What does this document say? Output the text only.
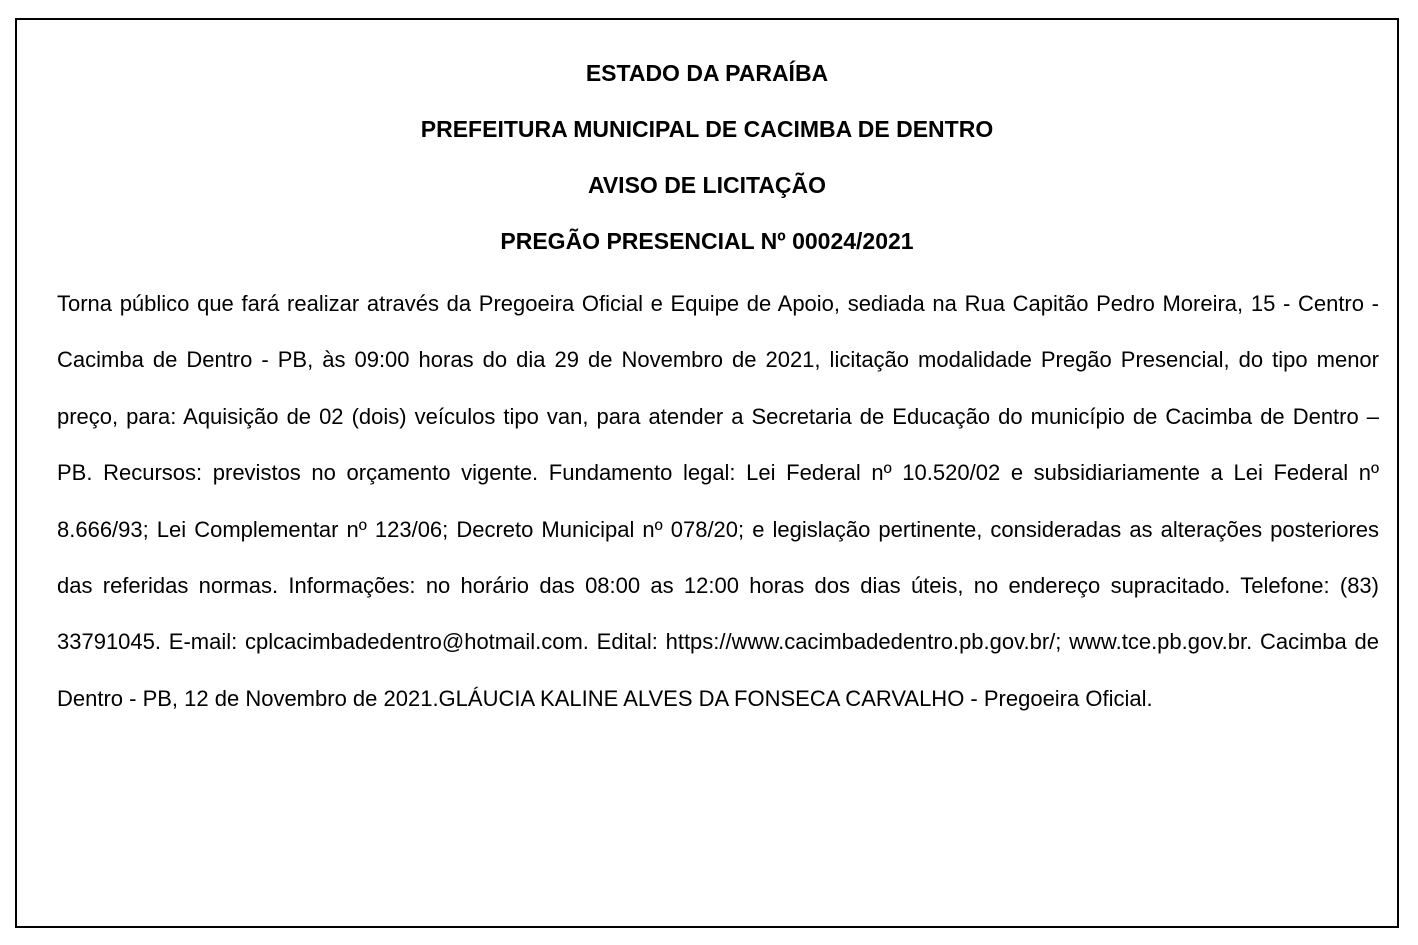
ESTADO DA PARAÍBA
PREFEITURA MUNICIPAL DE CACIMBA DE DENTRO
AVISO DE LICITAÇÃO
PREGÃO PRESENCIAL Nº 00024/2021

Torna público que fará realizar através da Pregoeira Oficial e Equipe de Apoio, sediada na Rua Capitão Pedro Moreira, 15 - Centro - Cacimba de Dentro - PB, às 09:00 horas do dia 29 de Novembro de 2021, licitação modalidade Pregão Presencial, do tipo menor preço, para: Aquisição de 02 (dois) veículos tipo van, para atender a Secretaria de Educação do município de Cacimba de Dentro – PB. Recursos: previstos no orçamento vigente. Fundamento legal: Lei Federal nº 10.520/02 e subsidiariamente a Lei Federal nº 8.666/93; Lei Complementar nº 123/06; Decreto Municipal nº 078/20; e legislação pertinente, consideradas as alterações posteriores das referidas normas. Informações: no horário das 08:00 as 12:00 horas dos dias úteis, no endereço supracitado. Telefone: (83) 33791045. E-mail: cplcacimbadedentro@hotmail.com. Edital: https://www.cacimbadedentro.pb.gov.br/; www.tce.pb.gov.br. Cacimba de Dentro - PB, 12 de Novembro de 2021.GLÁUCIA KALINE ALVES DA FONSECA CARVALHO - Pregoeira Oficial.
